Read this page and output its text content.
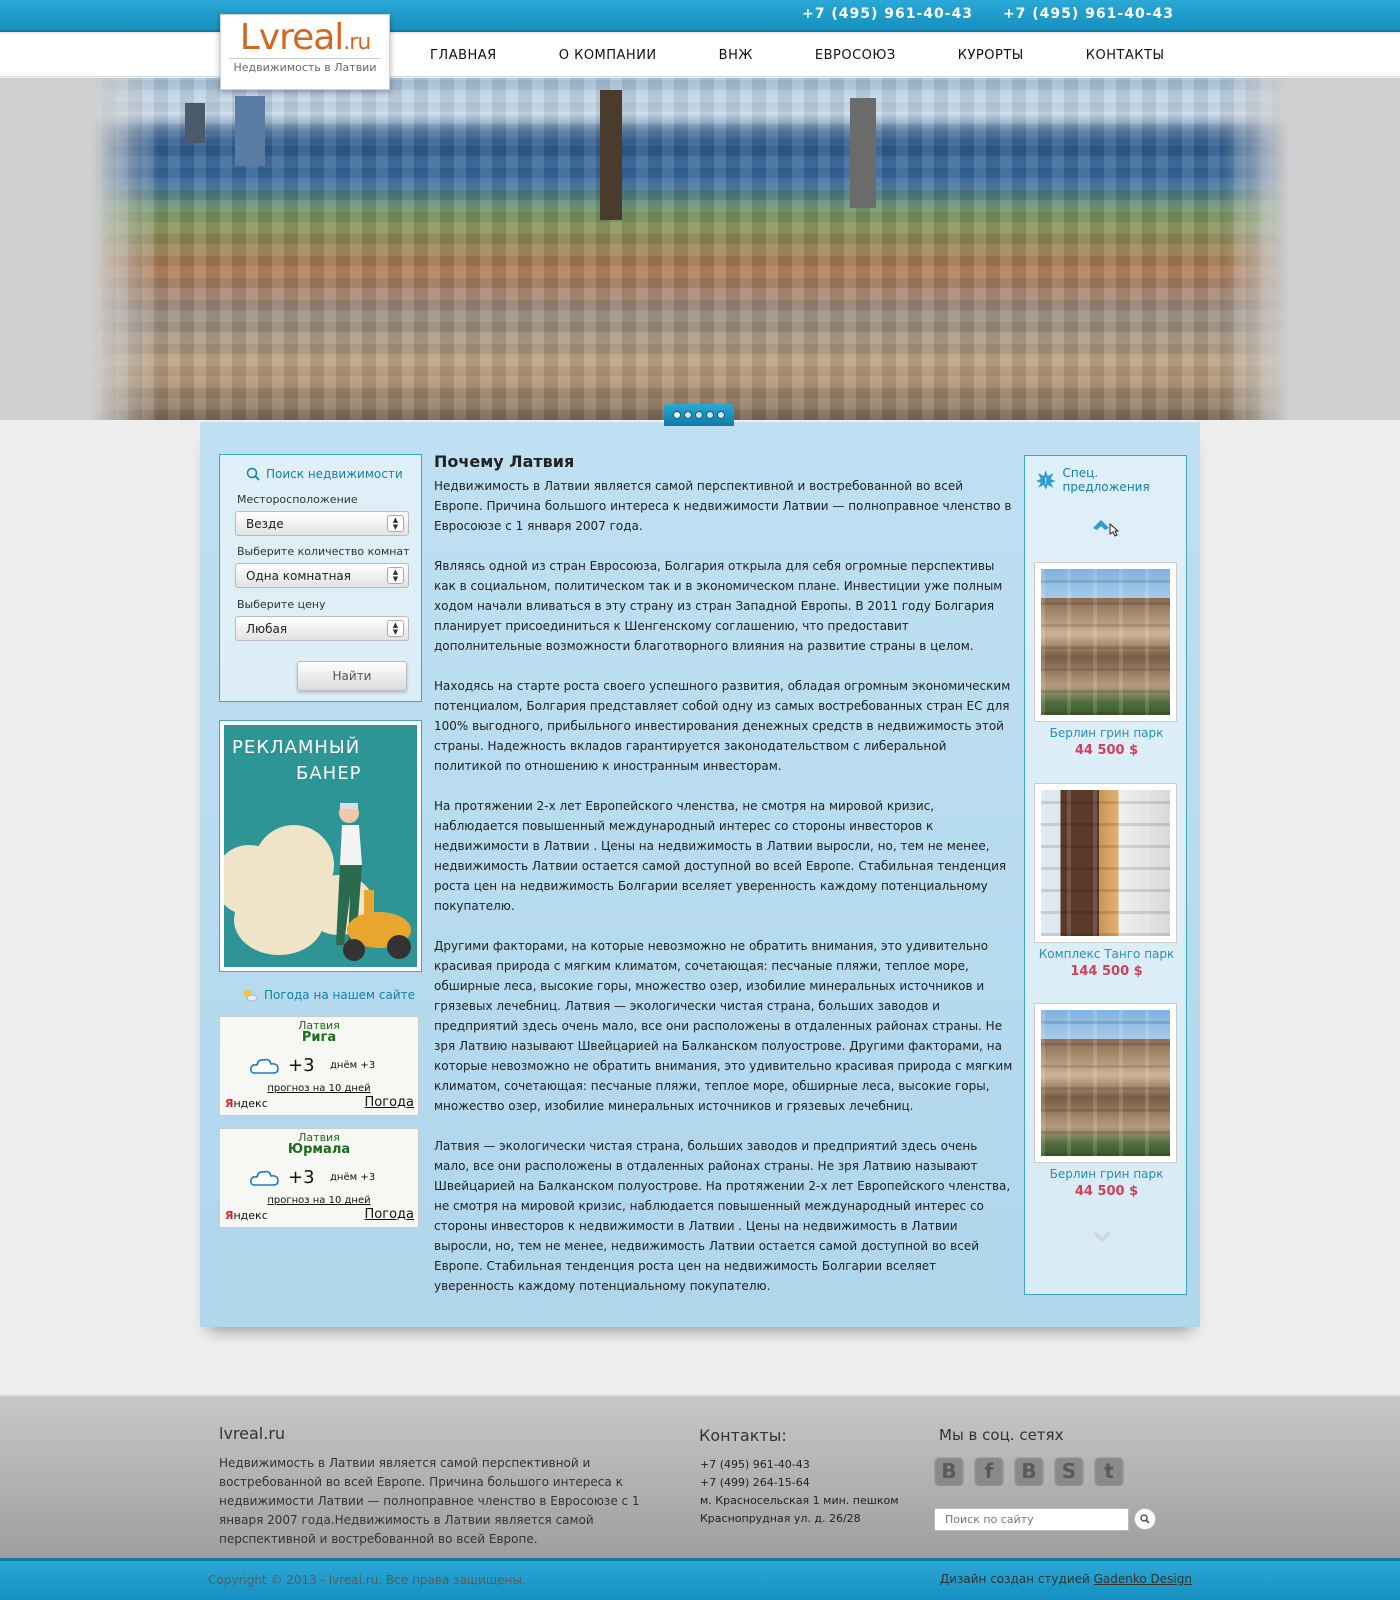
+7 (495) 961-40-43 +7 (495) 961-40-43
ГЛАВНАЯ	О КОМПАНИИ	ВНЖ	ЕВРОСОЮЗ	КУРОРТЫ	КОНТАКТЫ
Lvreal.ru
Недвижимость в Латвии
Поиск недвижимости
Месторосположение
Везде	▲
▼
Выберите количество комнат
Одна комнатная	▲
▼
Выберите цену
Любая	▲
▼
Найти
РЕКЛАМНЫЙ
БАНЕР
Погода на нашем сайте
Латвия
Рига
+3 днём +3
прогноз на 10 дней
Яндекс	Погода
Латвия
Юрмала
+3 днём +3
прогноз на 10 дней
Яндекс	Погода
Почему Латвия

Недвижимость в Латвии является самой перспективной и востребованной во всей Европе. Причина большого интереса к недвижимости Латвии — полноправное членство в Евросоюзе с 1 января 2007 года.

Являясь одной из стран Евросоюза, Болгария открыла для себя огромные перспективы как в социальном, политическом так и в экономическом плане. Инвестиции уже полным ходом начали вливаться в эту страну из стран Западной Европы. В 2011 году Болгария планирует присоединиться к Шенгенскому соглашению, что предоставит дополнительные возможности благотворного влияния на развитие страны в целом.

Находясь на старте роста своего успешного развития, обладая огромным экономическим потенциалом, Болгария представляет собой одну из самых востребованных стран ЕС для 100% выгодного, прибыльного инвестирования денежных средств в недвижимость этой страны. Надежность вкладов гарантируется законодательством с либеральной политикой по отношению к иностранным инвесторам.

На протяжении 2-х лет Европейского членства, не смотря на мировой кризис, наблюдается повышенный международный интерес со стороны инвесторов к недвижимости в Латвии . Цены на недвижимость в Латвии выросли, но, тем не менее, недвижимость Латвии остается самой доступной во всей Европе. Стабильная тенденция роста цен на недвижимость Болгарии вселяет уверенность каждому потенциальному покупателю.

Другими факторами, на которые невозможно не обратить внимания, это удивительно красивая природа с мягким климатом, сочетающая: песчаные пляжи, теплое море, обширные леса, высокие горы, множество озер, изобилие минеральных источников и грязевых лечебниц. Латвия — экологически чистая страна, больших заводов и предприятий здесь очень мало, все они расположены в отдаленных районах страны. Не зря Латвию называют Швейцарией на Балканском полуострове. Другими факторами, на которые невозможно не обратить внимания, это удивительно красивая природа с мягким климатом, сочетающая: песчаные пляжи, теплое море, обширные леса, высокие горы, множество озер, изобилие минеральных источников и грязевых лечебниц.

Латвия — экологически чистая страна, больших заводов и предприятий здесь очень мало, все они расположены в отдаленных районах страны. Не зря Латвию называют Швейцарией на Балканском полуострове. На протяжении 2-х лет Европейского членства, не смотря на мировой кризис, наблюдается повышенный международный интерес со стороны инвесторов к недвижимости в Латвии . Цены на недвижимость в Латвии выросли, но, тем не менее, недвижимость Латвии остается самой доступной во всей Европе. Стабильная тенденция роста цен на недвижимость Болгарии вселяет уверенность каждому потенциальному покупателю.

!
Спец. предложения
Берлин грин парк
44 500 $
Комплекс Танго парк
144 500 $
Берлин грин парк
44 500 $
lvreal.ru
Недвижимость в Латвии является самой перспективной и востребованной во всей Европе. Причина большого интереса к недвижимости Латвии — полноправное членство в Евросоюзе с 1 января 2007 года.Недвижимость в Латвии является самой перспективной и востребованной во всей Европе.
Контакты:
+7 (495) 961-40-43
+7 (499) 264-15-64
м. Красносельская 1 мин. пешком
Краснопрудная ул. д. 26/28
Мы в соц. сетях
B	f	В	S	t
Поиск по сайту
Copyright © 2013 - lvreal.ru. Все права защищены.	Дизайн создан студией Gadenko Design
